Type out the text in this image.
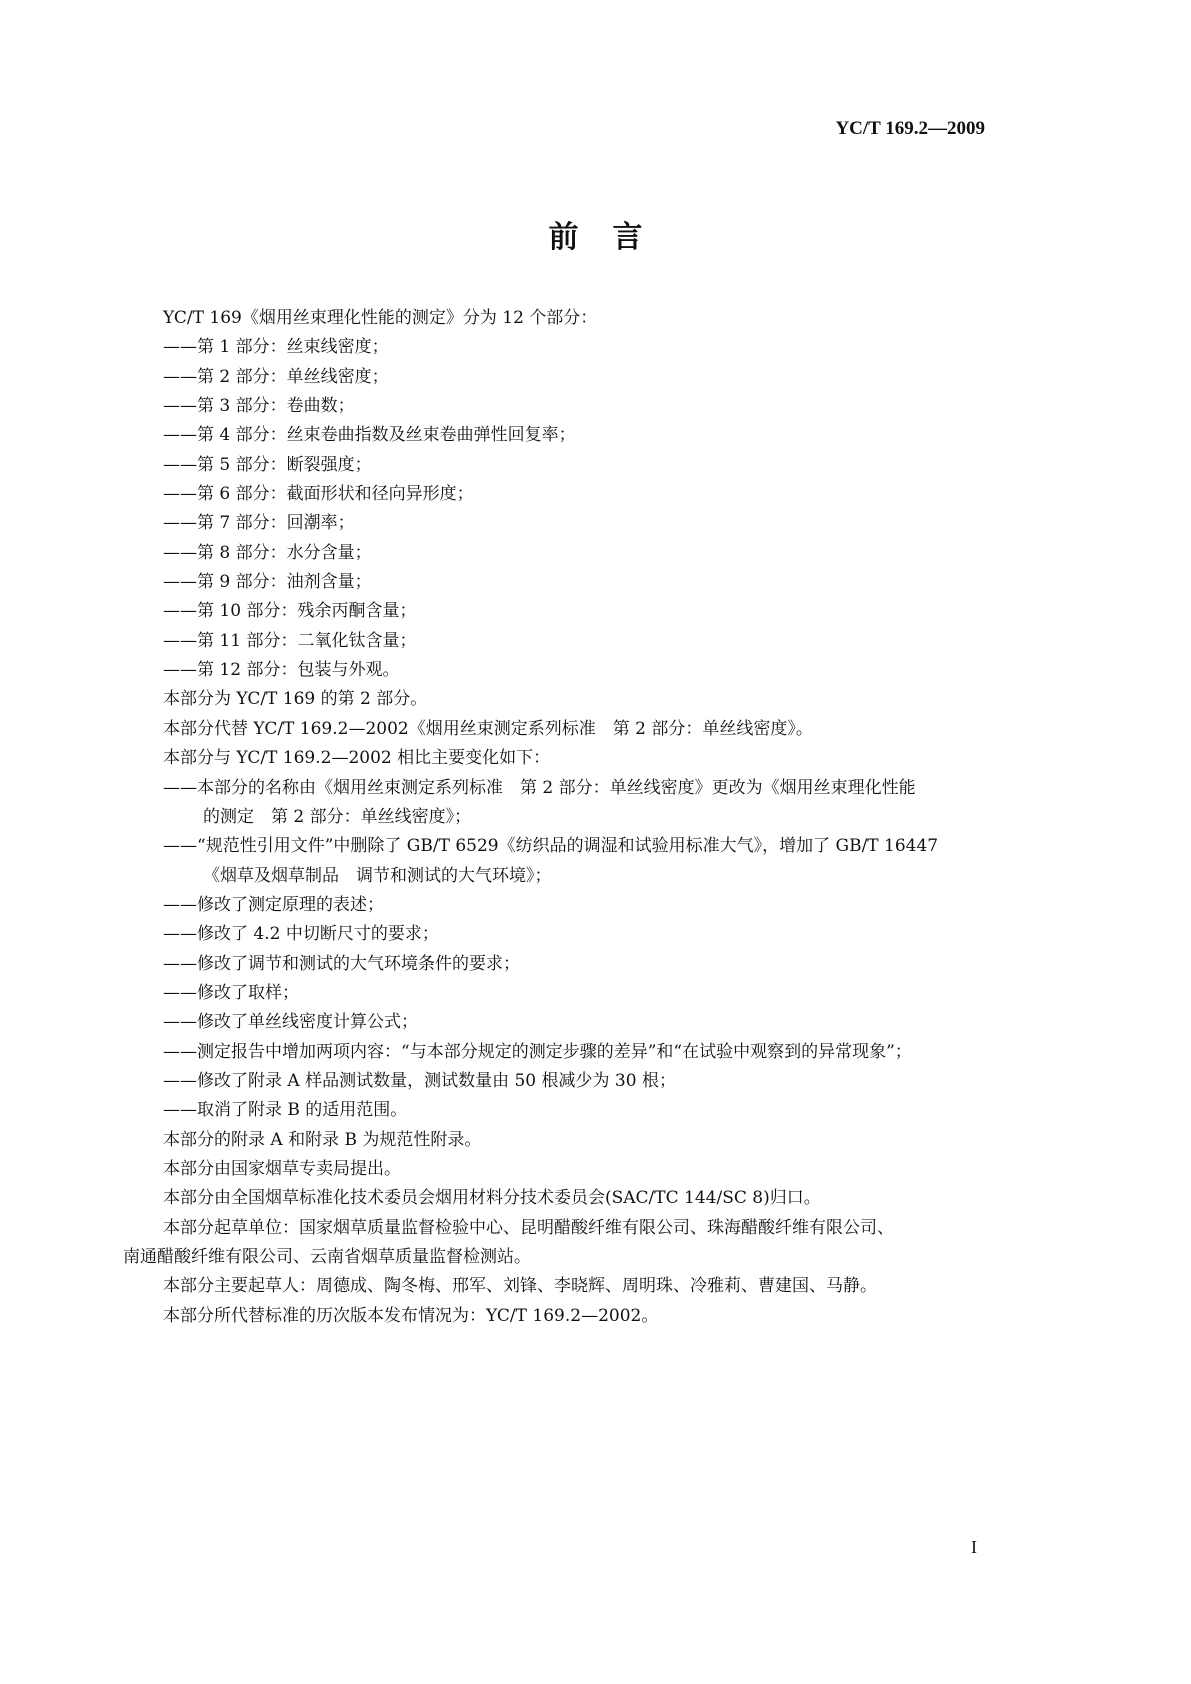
YC/T 169.2—2009
前言
YC/T 169《烟用丝束理化性能的测定》分为 12 个部分：
——第 1 部分：丝束线密度；
——第 2 部分：单丝线密度；
——第 3 部分：卷曲数；
——第 4 部分：丝束卷曲指数及丝束卷曲弹性回复率；
——第 5 部分：断裂强度；
——第 6 部分：截面形状和径向异形度；
——第 7 部分：回潮率；
——第 8 部分：水分含量；
——第 9 部分：油剂含量；
——第 10 部分：残余丙酮含量；
——第 11 部分：二氧化钛含量；
——第 12 部分：包装与外观。
本部分为 YC/T 169 的第 2 部分。
本部分代替 YC/T 169.2—2002《烟用丝束测定系列标准　第 2 部分：单丝线密度》。
本部分与 YC/T 169.2—2002 相比主要变化如下：
——本部分的名称由《烟用丝束测定系列标准　第 2 部分：单丝线密度》更改为《烟用丝束理化性能
的测定　第 2 部分：单丝线密度》；
——“规范性引用文件”中删除了 GB/T 6529《纺织品的调湿和试验用标准大气》，增加了 GB/T 16447
《烟草及烟草制品　调节和测试的大气环境》；
——修改了测定原理的表述；
——修改了 4.2 中切断尺寸的要求；
——修改了调节和测试的大气环境条件的要求；
——修改了取样；
——修改了单丝线密度计算公式；
——测定报告中增加两项内容：“与本部分规定的测定步骤的差异”和“在试验中观察到的异常现象”；
——修改了附录 A 样品测试数量，测试数量由 50 根减少为 30 根；
——取消了附录 B 的适用范围。
本部分的附录 A 和附录 B 为规范性附录。
本部分由国家烟草专卖局提出。
本部分由全国烟草标准化技术委员会烟用材料分技术委员会(SAC/TC 144/SC 8)归口。
本部分起草单位：国家烟草质量监督检验中心、昆明醋酸纤维有限公司、珠海醋酸纤维有限公司、
南通醋酸纤维有限公司、云南省烟草质量监督检测站。
本部分主要起草人：周德成、陶冬梅、邢军、刘锋、李晓辉、周明珠、冷雅莉、曹建国、马静。
本部分所代替标准的历次版本发布情况为：YC/T 169.2—2002。
I
